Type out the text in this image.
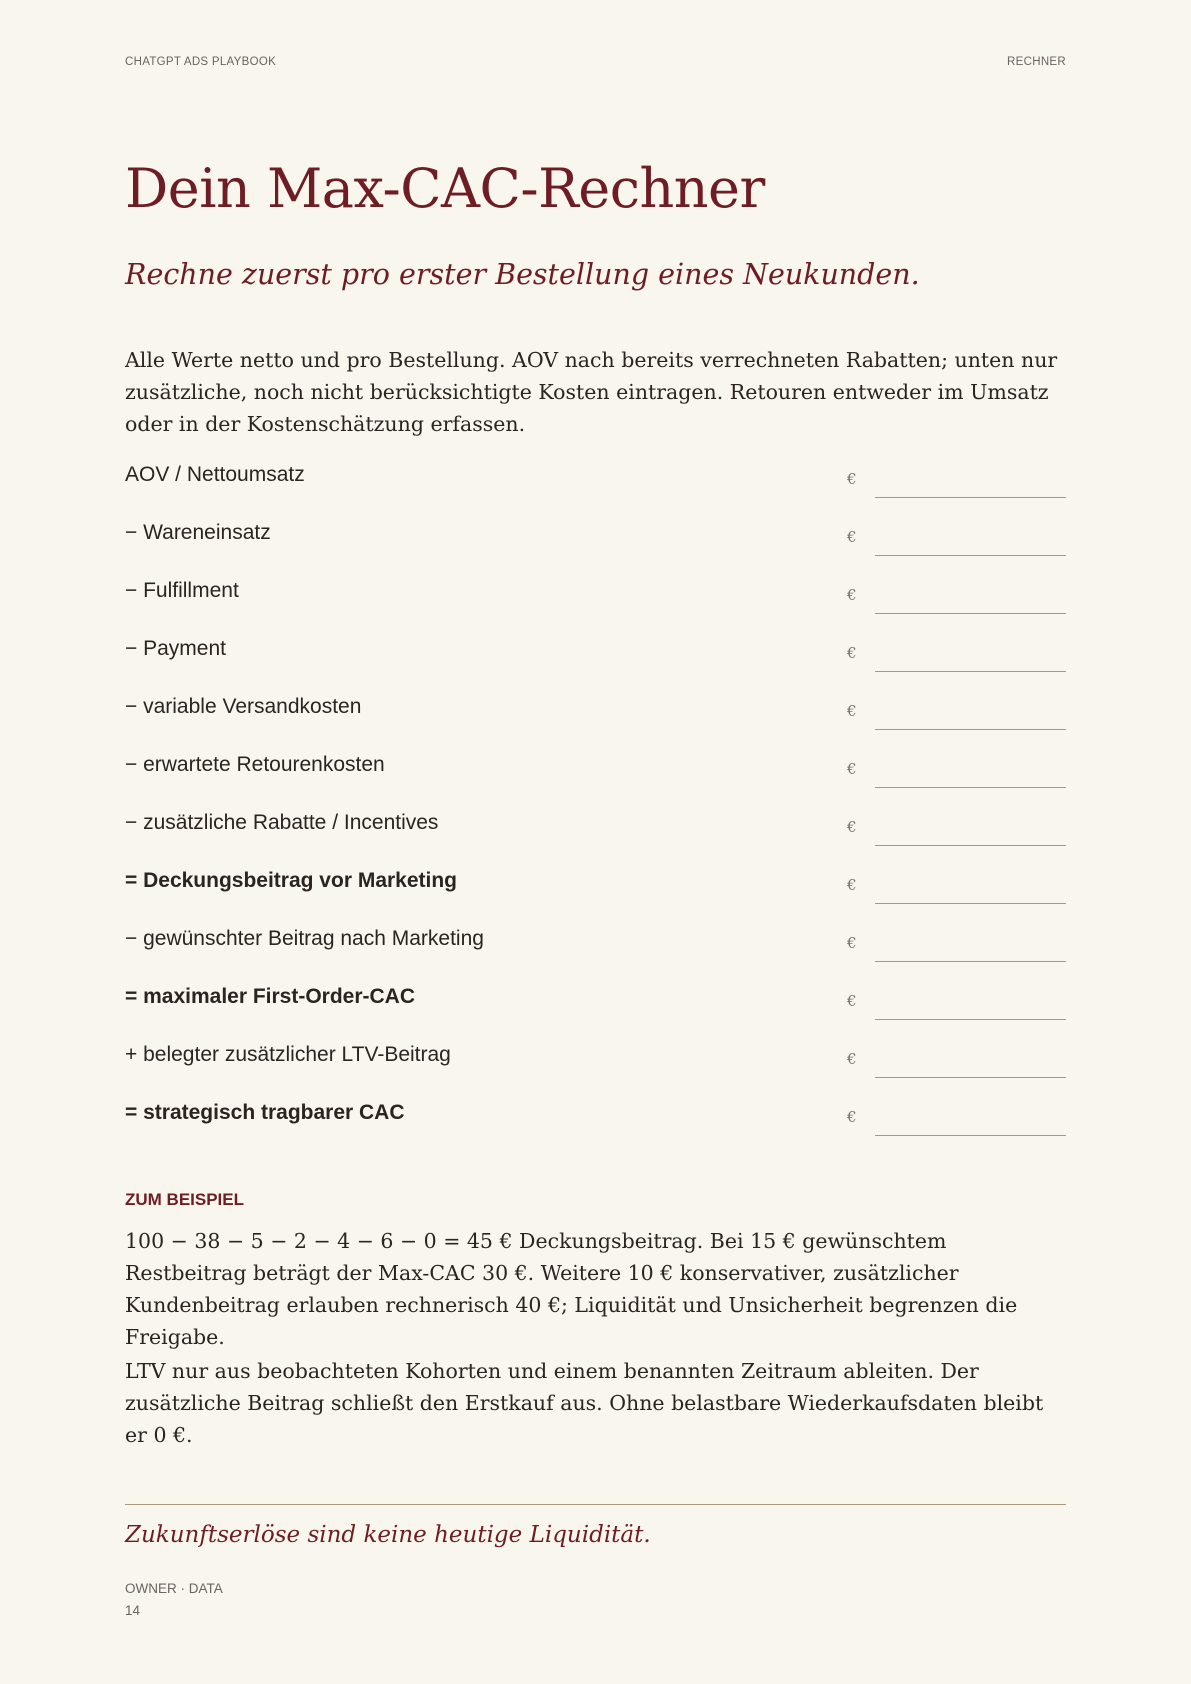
CHATGPT ADS PLAYBOOK	RECHNER
Dein Max-CAC-Rechner
Rechne zuerst pro erster Bestellung eines Neukunden.

Alle Werte netto und pro Bestellung. AOV nach bereits verrechneten Rabatten; unten nur zusätzliche, noch nicht berücksichtigte Kosten eintragen. Retouren entweder im Umsatz oder in der Kostenschätzung erfassen.

AOV / Nettoumsatz	€
− Wareneinsatz	€
− Fulfillment	€
− Payment	€
− variable Versandkosten	€
− erwartete Retourenkosten	€
− zusätzliche Rabatte / Incentives	€
= Deckungsbeitrag vor Marketing	€
− gewünschter Beitrag nach Marketing	€
= maximaler First-Order-CAC	€
+ belegter zusätzlicher LTV-Beitrag	€
= strategisch tragbarer CAC	€
ZUM BEISPIEL

100 − 38 − 5 − 2 − 4 − 6 − 0 = 45 € Deckungsbeitrag. Bei 15 € gewünschtem Restbeitrag beträgt der Max-CAC 30 €. Weitere 10 € konservativer, zusätzlicher Kundenbeitrag erlauben rechnerisch 40 €; Liquidität und Unsicherheit begrenzen die Freigabe.

LTV nur aus beobachteten Kohorten und einem benannten Zeitraum ableiten. Der zusätzliche Beitrag schließt den Erstkauf aus. Ohne belastbare Wiederkaufsdaten bleibt er 0 €.

Zukunftserlöse sind keine heutige Liquidität.

OWNER · DATA
14
